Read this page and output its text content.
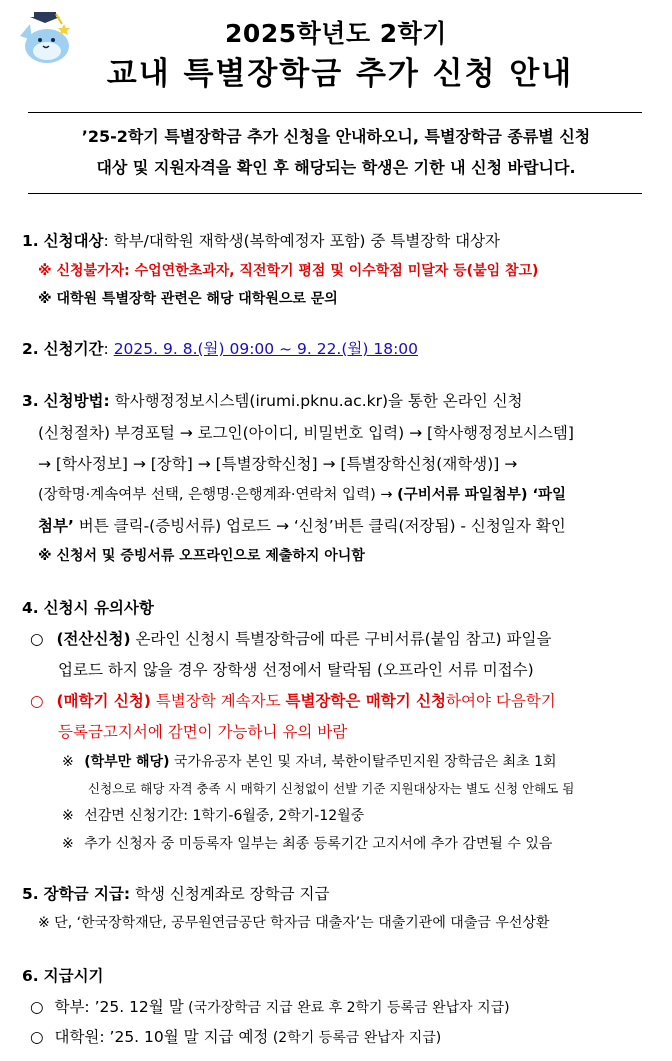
2025학년도 2학기
교내 특별장학금 추가 신청 안내
’25-2학기 특별장학금 추가 신청을 안내하오니, 특별장학금 종류별 신청
대상 및 지원자격을 확인 후 해당되는 학생은 기한 내 신청 바랍니다.
1. 신청대상: 학부/대학원 재학생(복학예정자 포함) 중 특별장학 대상자
※ 신청불가자: 수업연한초과자, 직전학기 평점 및 이수학점 미달자 등(붙임 참고)
※ 대학원 특별장학 관련은 해당 대학원으로 문의
2. 신청기간: 2025. 9. 8.(월) 09:00 ~ 9. 22.(월) 18:00
3. 신청방법: 학사행정정보시스템(irumi.pknu.ac.kr)을 통한 온라인 신청
(신청절차) 부경포털 → 로그인(아이디, 비밀번호 입력) → [학사행정정보시스템]
→ [학사정보] → [장학] → [특별장학신청] → [특별장학신청(재학생)] →
(장학명·계속여부 선택, 은행명·은행계좌·연락처 입력) → (구비서류 파일첨부) ‘파일
첨부’ 버튼 클릭-(증빙서류) 업로드 → ‘신청’버튼 클릭(저장됨) - 신청일자 확인
※ 신청서 및 증빙서류 오프라인으로 제출하지 아니함
4. 신청시 유의사항
○ (전산신청) 온라인 신청시 특별장학금에 따른 구비서류(붙임 참고) 파일을
업로드 하지 않을 경우 장학생 선정에서 탈락됨 (오프라인 서류 미접수)
○ (매학기 신청) 특별장학 계속자도 특별장학은 매학기 신청하여야 다음학기
등록금고지서에 감면이 가능하니 유의 바람
※ (학부만 해당) 국가유공자 본인 및 자녀, 북한이탈주민지원 장학금은 최초 1회
신청으로 해당 자격 충족 시 매학기 신청없이 선발 기준 지원대상자는 별도 신청 안해도 됨
※ 선감면 신청기간: 1학기-6월중, 2학기-12월중
※ 추가 신청자 중 미등록자 일부는 최종 등록기간 고지서에 추가 감면될 수 있음
5. 장학금 지급: 학생 신청계좌로 장학금 지급
※ 단, ‘한국장학재단, 공무원연금공단 학자금 대출자’는 대출기관에 대출금 우선상환
6. 지급시기
○ 학부: ’25. 12월 말 (국가장학금 지급 완료 후 2학기 등록금 완납자 지급)
○ 대학원: ’25. 10월 말 지급 예정 (2학기 등록금 완납자 지급)
